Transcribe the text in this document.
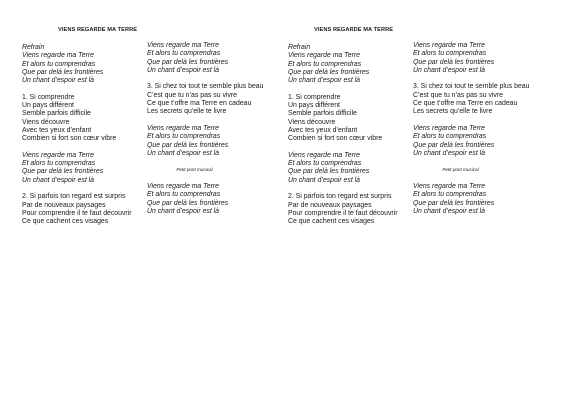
VIENS REGARDE MA TERRE
Refrain
Viens regarde ma Terre
Et alors tu comprendras
Que par delà les frontières
Un chant d’espoir est là
1. Si comprendre
Un pays différent
Semble parfois difficile
Viens découvre
Avec tes yeux d’enfant
Combien si fort son cœur vibre
Viens regarde ma Terre
Et alors tu comprendras
Que par delà les frontières
Un chant d’espoir est là
2. Si parfois ton regard est surpris
Par de nouveaux paysages
Pour comprendre il te faut découvrir
Ce que cachent ces visages
Viens regarde ma Terre
Et alors tu comprendras
Que par delà les frontières
Un chant d’espoir est là
3. Si chez toi tout te semble plus beau
C’est que tu n’as pas su vivre
Ce que t’offre ma Terre en cadeau
Les secrets qu’elle te livre
Viens regarde ma Terre
Et alors tu comprendras
Que par delà les frontières
Un chant d’espoir est là
Petit pont musical
Viens regarde ma Terre
Et alors tu comprendras
Que par delà les frontières
Un chant d’espoir est là
VIENS REGARDE MA TERRE
Refrain
Viens regarde ma Terre
Et alors tu comprendras
Que par delà les frontières
Un chant d’espoir est là
1. Si comprendre
Un pays différent
Semble parfois difficile
Viens découvre
Avec tes yeux d’enfant
Combien si fort son cœur vibre
Viens regarde ma Terre
Et alors tu comprendras
Que par delà les frontières
Un chant d’espoir est là
2. Si parfois ton regard est surpris
Par de nouveaux paysages
Pour comprendre il te faut découvrir
Ce que cachent ces visages
Viens regarde ma Terre
Et alors tu comprendras
Que par delà les frontières
Un chant d’espoir est là
3. Si chez toi tout te semble plus beau
C’est que tu n’as pas su vivre
Ce que t’offre ma Terre en cadeau
Les secrets qu’elle te livre
Viens regarde ma Terre
Et alors tu comprendras
Que par delà les frontières
Un chant d’espoir est là
Petit pont musical
Viens regarde ma Terre
Et alors tu comprendras
Que par delà les frontières
Un chant d’espoir est là
